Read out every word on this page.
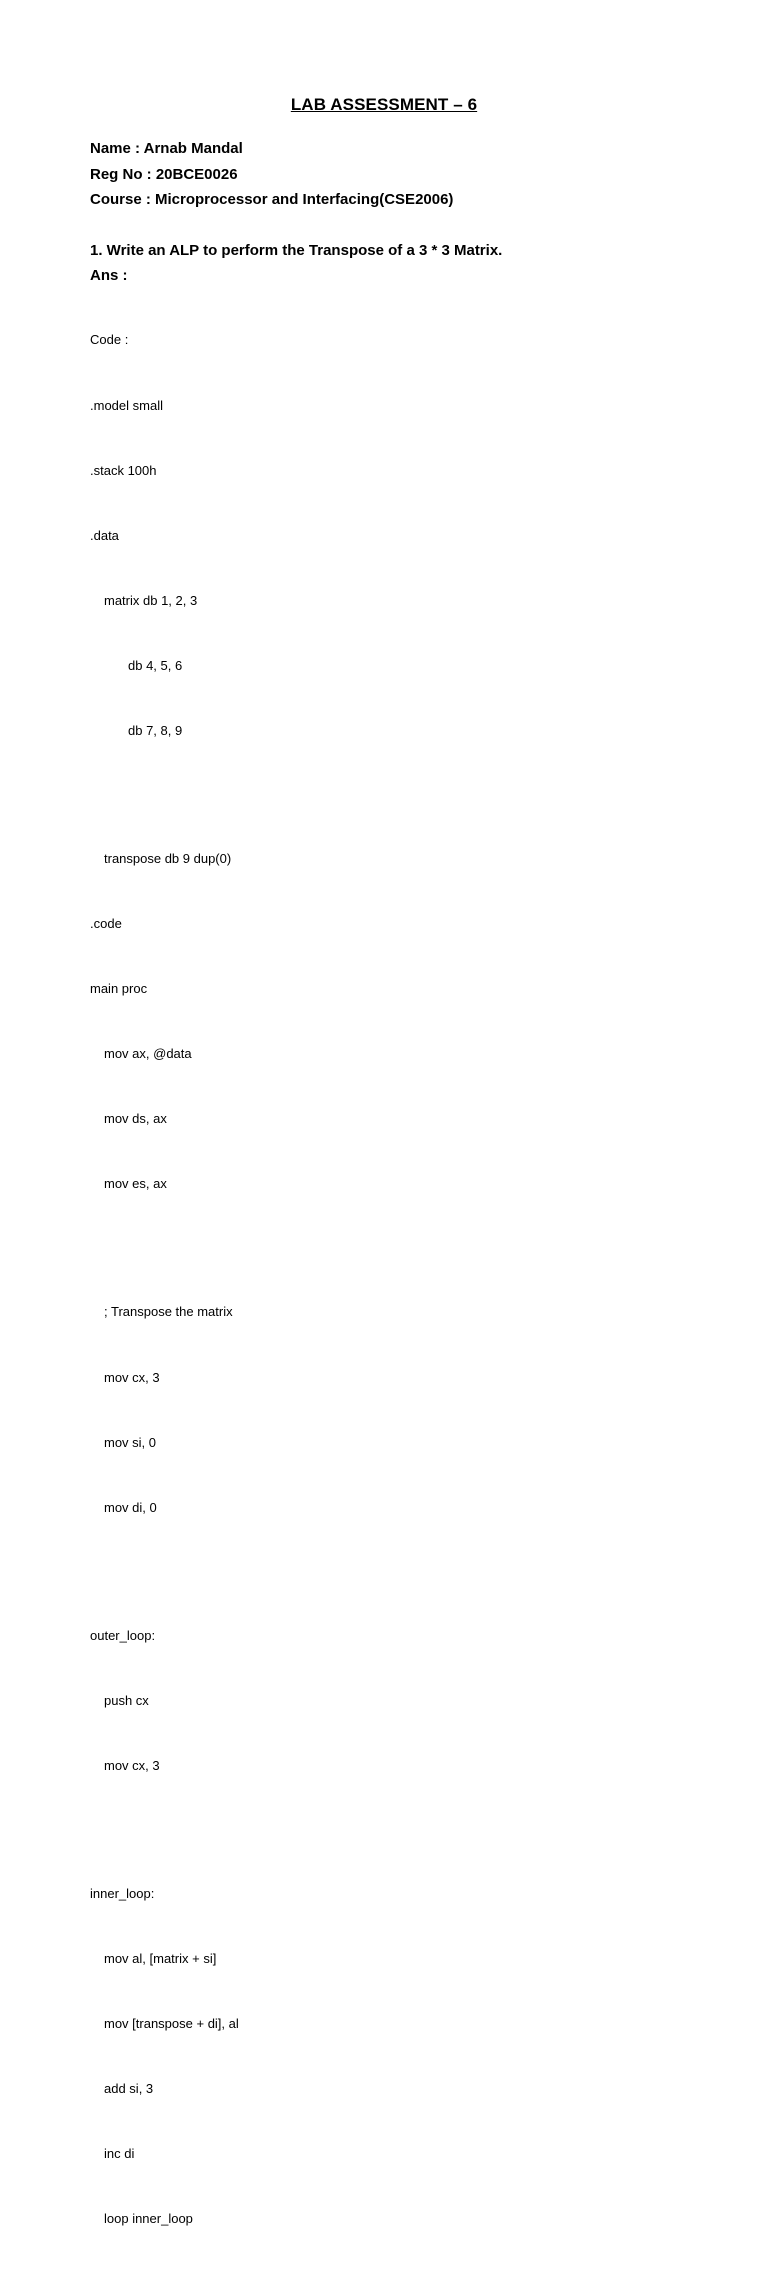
LAB ASSESSMENT – 6
Name : Arnab Mandal
Reg No : 20BCE0026
Course : Microprocessor and Interfacing(CSE2006)
1. Write an ALP to perform the Transpose of a 3 * 3 Matrix.
Ans :

Code :

.model small

.stack 100h

.data

matrix db 1, 2, 3

db 4, 5, 6

db 7, 8, 9

transpose db 9 dup(0)

.code

main proc

mov ax, @data

mov ds, ax

mov es, ax

; Transpose the matrix

mov cx, 3

mov si, 0

mov di, 0

outer_loop:

push cx

mov cx, 3

inner_loop:

mov al, [matrix + si]

mov [transpose + di], al

add si, 3

inc di

loop inner_loop
